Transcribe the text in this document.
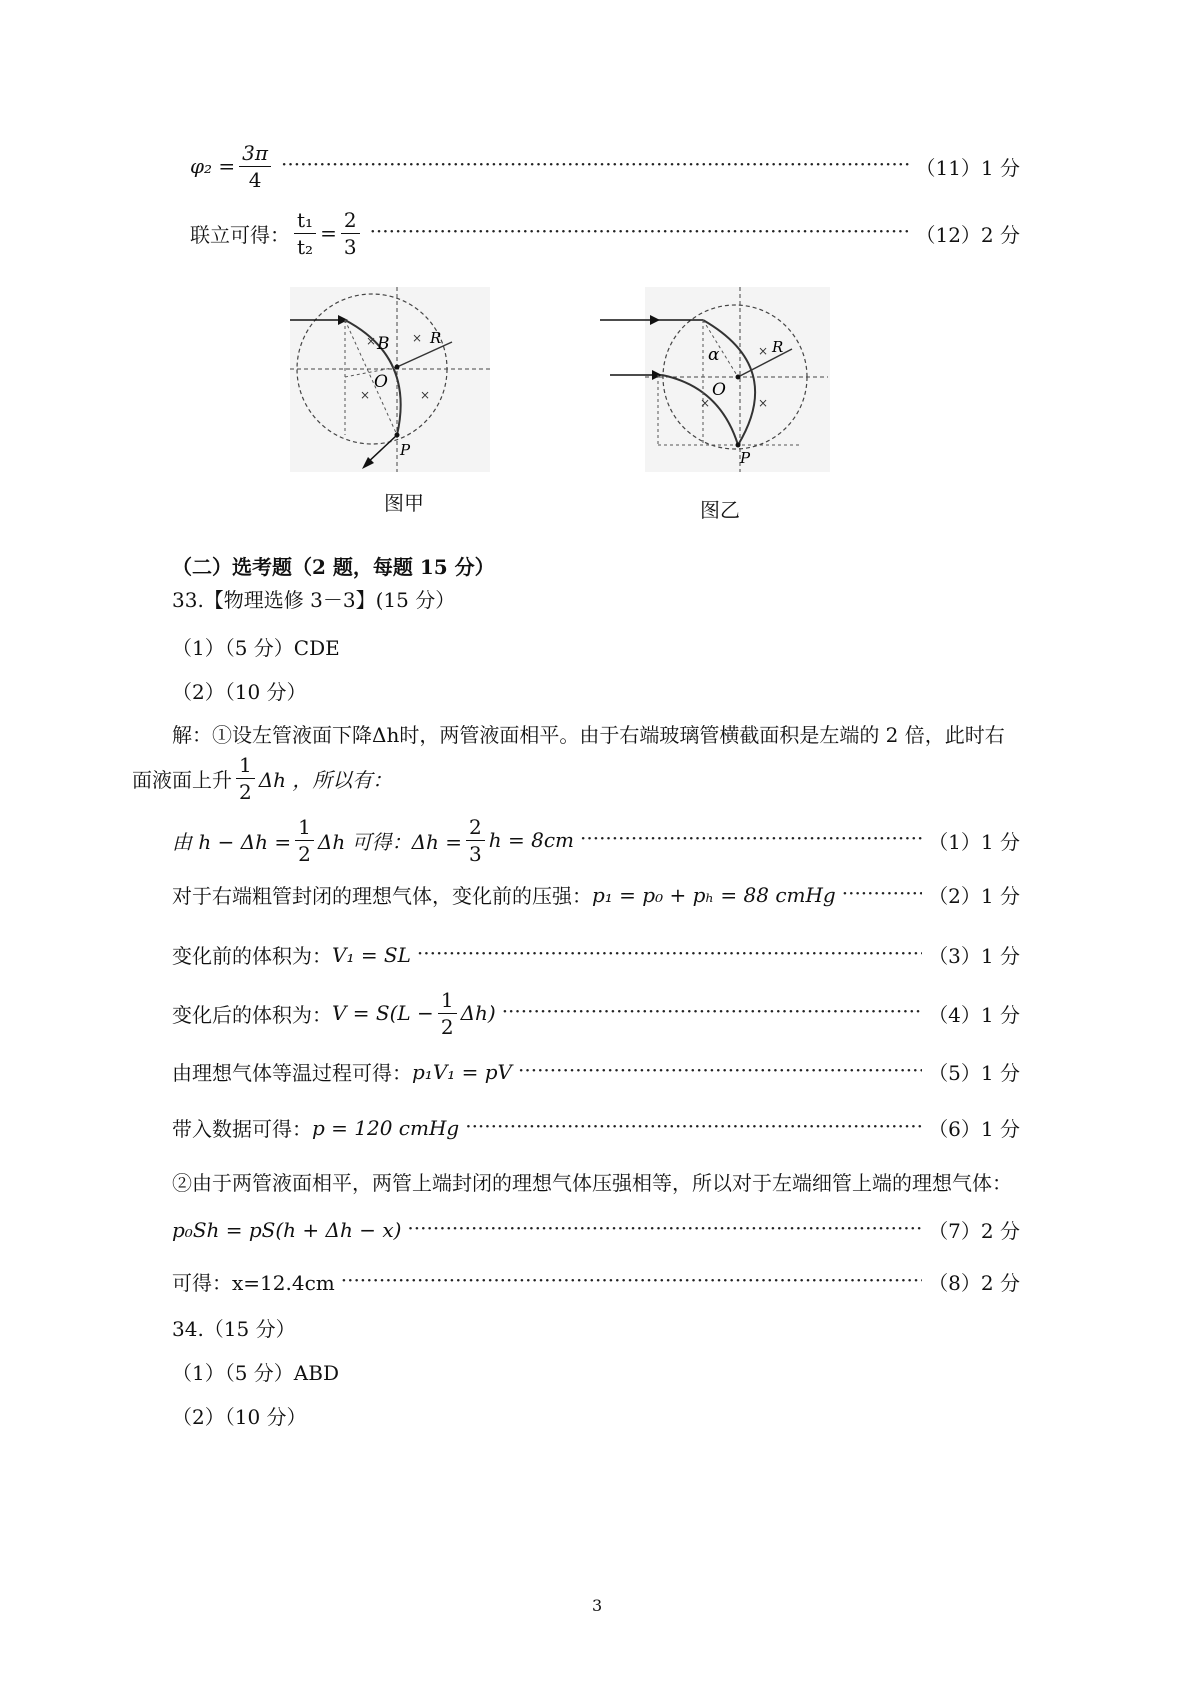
$\varphi_2 = \frac{3\pi}{4}$ ·····	（11）1 分
联立可得： $\frac{\text{t₁}}{\text{t₂}} = \frac{2}{3}$ ·····	（12）2 分
B	R
O
P
×	×
×	×
图甲
α	R
O
P
×
×	×
图乙
（二）选考题（2 题，每题 15 分）
33.【物理选修 3－3】(15 分）
（1）（5 分）CDE
（2）（10 分）
解：①设左管液面下降Δh时，两管液面相平。由于右端玻璃管横截面积是左端的 2 倍，此时右
面液面上升 $\frac{1}{2}$ Δh ，所以有：
由 $h - \Delta h = \frac{1}{2}$ Δh 可得：$\Delta h = \frac{2}{3}$ h = 8cm ·····	（1）1 分
对于右端粗管封闭的理想气体，变化前的压强： p₁ = p₀ + pₕ = 88 cmHg ·····	（2）1 分
变化前的体积为： V₁ = SL ·····	（3）1 分
变化后的体积为： $V = S(L - \frac{1}{2} \Delta h)$ ·····	（4）1 分
由理想气体等温过程可得： p₁V₁ = pV ·····	（5）1 分
带入数据可得： p = 120 cmHg ·····	（6）1 分
②由于两管液面相平，两管上端封闭的理想气体压强相等，所以对于左端细管上端的理想气体：
p₀Sh = pS(h + Δh − x) ·····	（7）2 分
可得：x=12.4cm ·····	（8）2 分
34.（15 分）
（1）（5 分）ABD
（2）（10 分）
3
